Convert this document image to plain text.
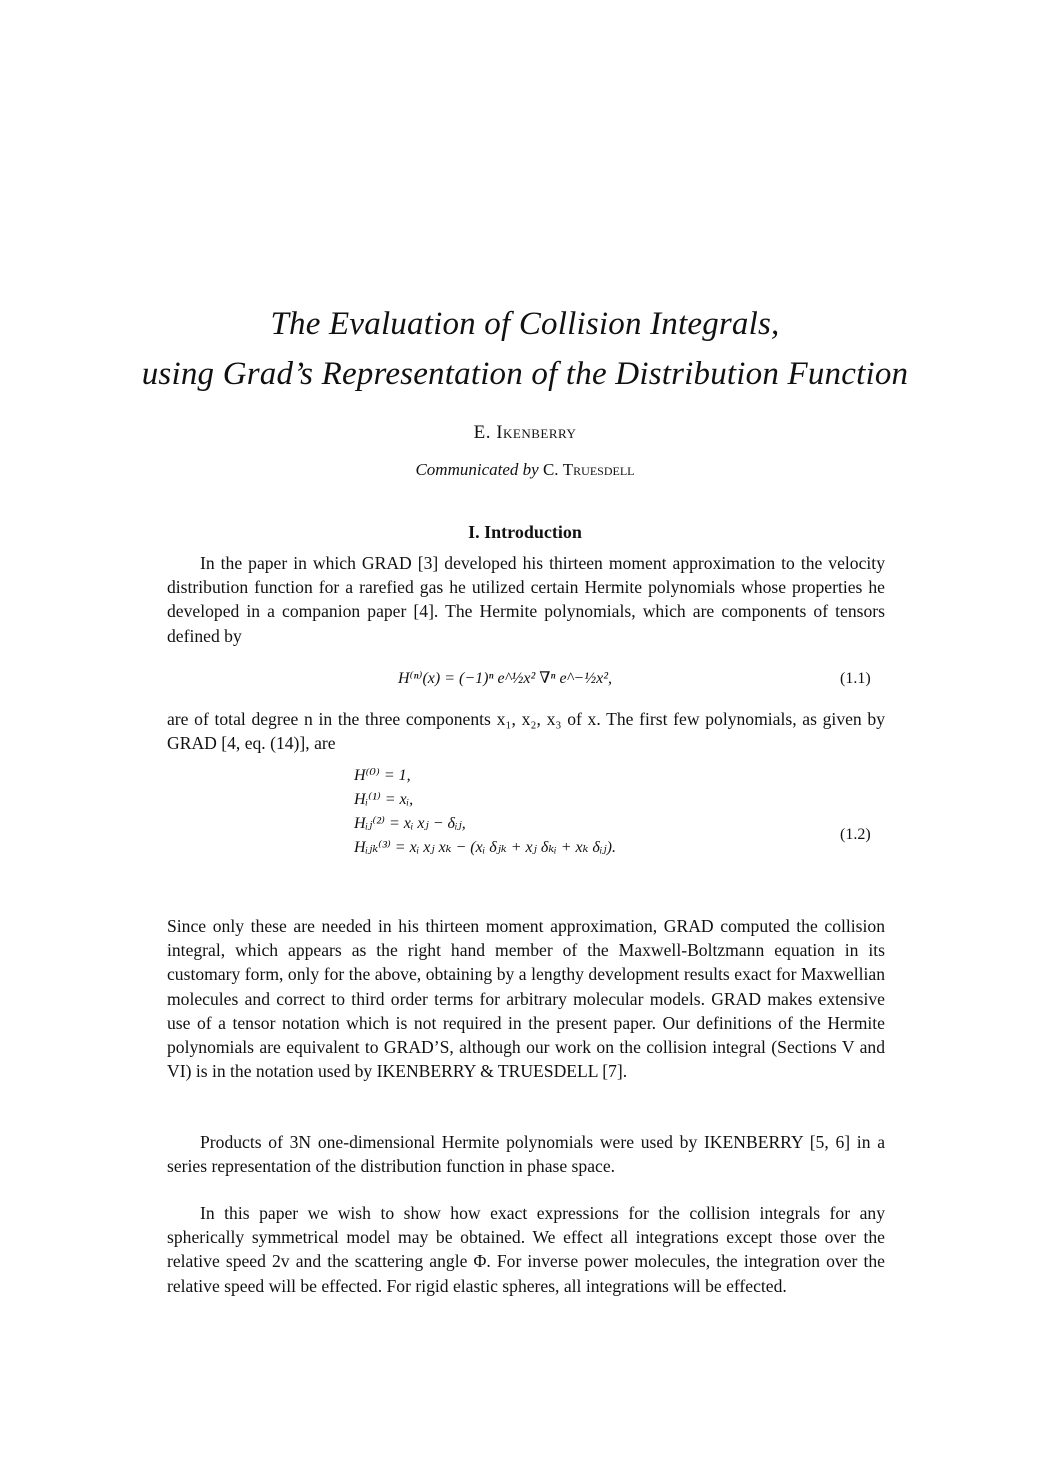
The Evaluation of Collision Integrals,
using Grad’s Representation of the Distribution Function
E. Ikenberry
Communicated by C. Truesdell
I. Introduction

In the paper in which GRAD [3] developed his thirteen moment approximation to the velocity distribution function for a rarefied gas he utilized certain Hermite polynomials whose properties he developed in a companion paper [4]. The Hermite polynomials, which are components of tensors defined by

H⁽ⁿ⁾(x) = (−1)ⁿ e^½x² ∇ⁿ e^−½x²,	(1.1)

are of total degree n in the three components x₁, x₂, x₃ of x. The first few polynomials, as given by GRAD [4, eq. (14)], are

H⁽⁰⁾ = 1,
Hᵢ⁽¹⁾ = xᵢ,
Hᵢⱼ⁽²⁾ = xᵢ xⱼ − δᵢⱼ,
Hᵢⱼₖ⁽³⁾ = xᵢ xⱼ xₖ − (xᵢ δⱼₖ + xⱼ δₖᵢ + xₖ δᵢⱼ).
(1.2)

Since only these are needed in his thirteen moment approximation, GRAD computed the collision integral, which appears as the right hand member of the Maxwell-Boltzmann equation in its customary form, only for the above, obtaining by a lengthy development results exact for Maxwellian molecules and correct to third order terms for arbitrary molecular models. GRAD makes extensive use of a tensor notation which is not required in the present paper. Our definitions of the Hermite polynomials are equivalent to GRAD’S, although our work on the collision integral (Sections V and VI) is in the notation used by IKENBERRY & TRUESDELL [7].

Products of 3N one-dimensional Hermite polynomials were used by IKENBERRY [5, 6] in a series representation of the distribution function in phase space.

In this paper we wish to show how exact expressions for the collision integrals for any spherically symmetrical model may be obtained. We effect all integrations except those over the relative speed 2v and the scattering angle Φ. For inverse power molecules, the integration over the relative speed will be effected. For rigid elastic spheres, all integrations will be effected.
